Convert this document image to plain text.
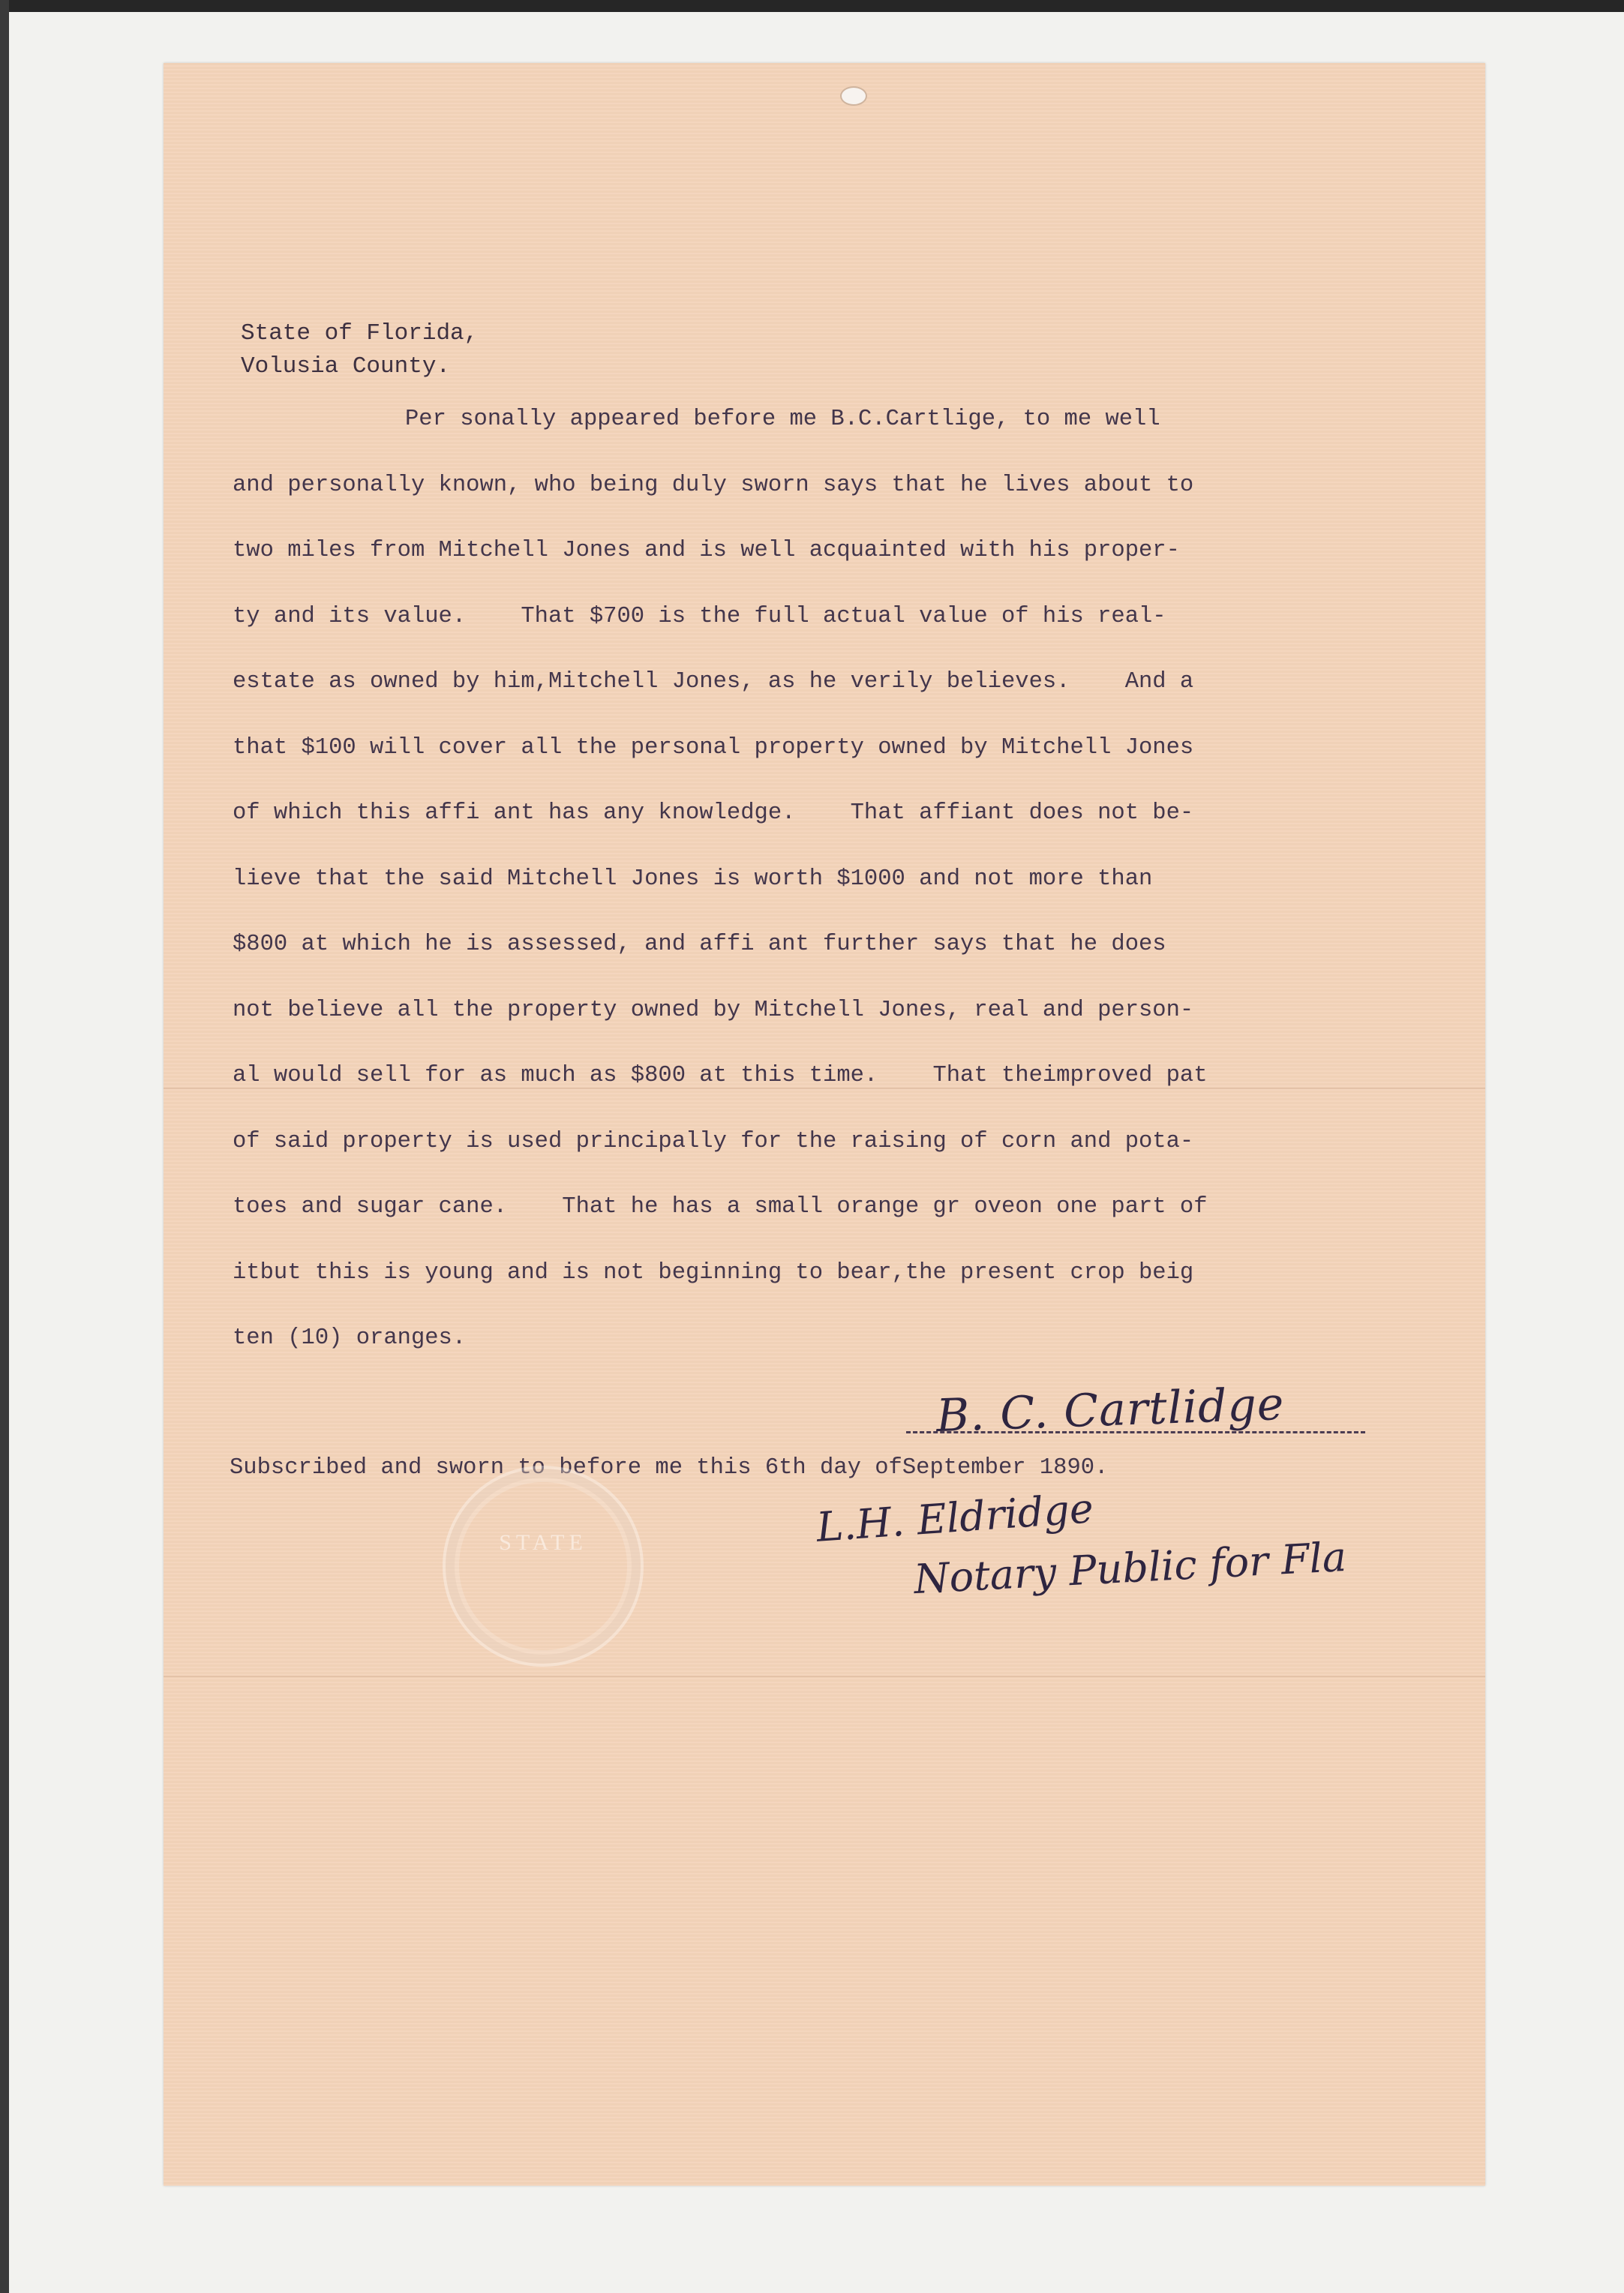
State of Florida,
Volusia County.
Per sonally appeared before me B.C.Cartlige, to me well
and personally known, who being duly sworn says that he lives about to
two miles from Mitchell Jones and is well acquainted with his proper-
ty and its value.    That $700 is the full actual value of his real-
estate as owned by him,Mitchell Jones, as he verily believes.    And a
that $100 will cover all the personal property owned by Mitchell Jones
of which this affi ant has any knowledge.    That affiant does not be-
lieve that the said Mitchell Jones is worth $1000 and not more than
$800 at which he is assessed, and affi ant further says that he does
not believe all the property owned by Mitchell Jones, real and person-
al would sell for as much as $800 at this time.    That theimproved pat
of said property is used principally for the raising of corn and pota-
toes and sugar cane.    That he has a small orange gr oveon one part of
itbut this is young and is not beginning to bear,the present crop beig
ten (10) oranges.
B. C. Cartlidge
Subscribed and sworn to before me this 6th day ofSeptember 1890.
STATE	L.H. Eldridge
Notary Public for Fla
